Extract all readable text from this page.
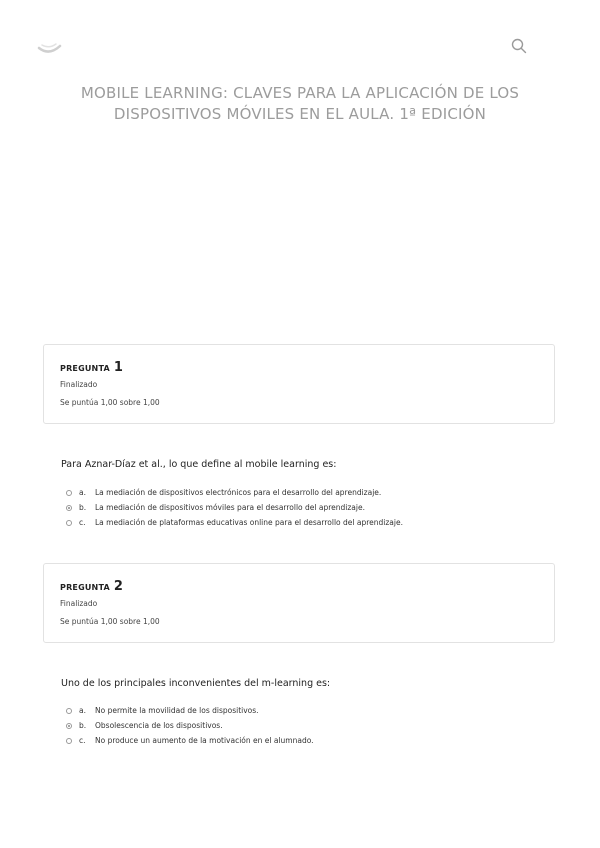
MOBILE LEARNING: CLAVES PARA LA APLICACIÓN DE LOS DISPOSITIVOS MÓVILES EN EL AULA. 1ª EDICIÓN
PREGUNTA 1
Finalizado
Se puntúa 1,00 sobre 1,00
Para Aznar-Díaz et al., lo que define al mobile learning es:
a.	La mediación de dispositivos electrónicos para el desarrollo del aprendizaje.
b.	La mediación de dispositivos móviles para el desarrollo del aprendizaje.
c.	La mediación de plataformas educativas online para el desarrollo del aprendizaje.
PREGUNTA 2
Finalizado
Se puntúa 1,00 sobre 1,00
Uno de los principales inconvenientes del m-learning es:
a.	No permite la movilidad de los dispositivos.
b.	Obsolescencia de los dispositivos.
c.	No produce un aumento de la motivación en el alumnado.
